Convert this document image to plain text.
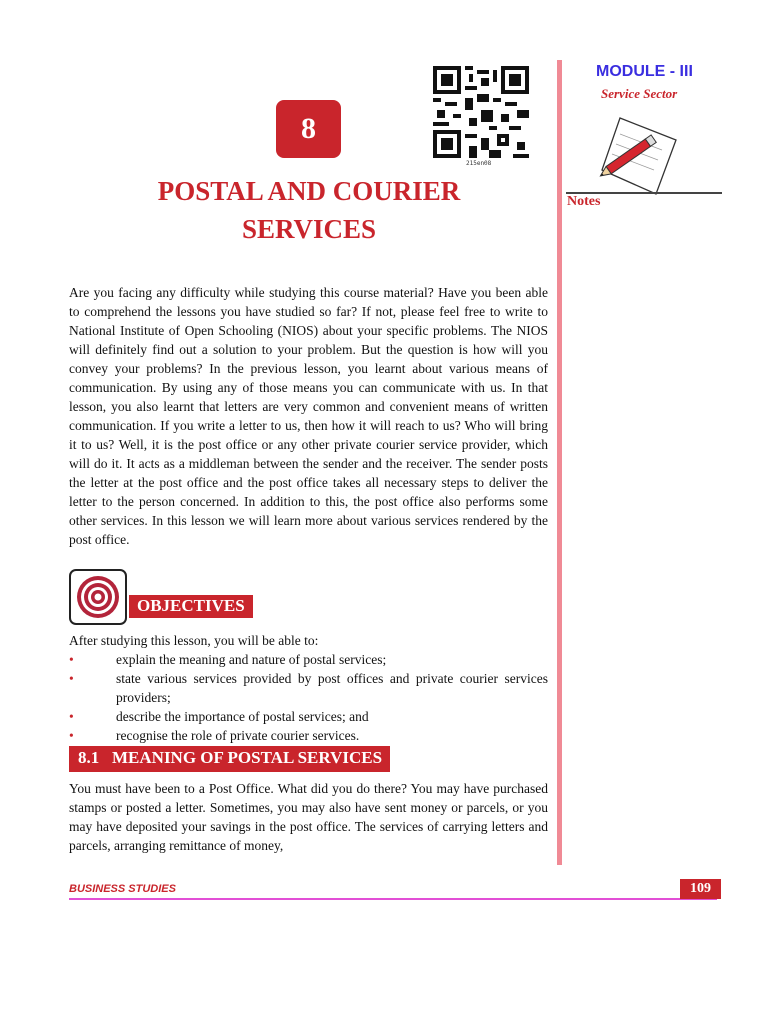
8
215en08
POSTAL AND COURIER
SERVICES
MODULE - III
Service Sector
Notes

Are you facing any difficulty while studying this course material? Have you been able to comprehend the lessons you have studied so far? If not, please feel free to write to National Institute of Open Schooling (NIOS) about your specific problems. The NIOS will definitely find out a solution to your problem. But the question is how will you convey your problems? In the previous lesson, you learnt about various means of communication. By using any of those means you can communicate with us. In that lesson, you also learnt that letters are very common and convenient means of written communication. If you write a letter to us, then how it will reach to us? Who will bring it to us? Well, it is the post office or any other private courier service provider, which will do it. It acts as a middleman between the sender and the receiver. The sender posts the letter at the post office and the post office takes all necessary steps to deliver the letter to the person concerned. In addition to this, the post office also performs some other services. In this lesson we will learn more about various services rendered by the post office.

OBJECTIVES

After studying this lesson, you will be able to:

•	explain the meaning and nature of postal services;
•	state various services provided by post offices and private courier services providers;
•	describe the importance of postal services; and
•	recognise the role of private courier services.
8.1   MEANING OF POSTAL SERVICES

You must have been to a Post Office. What did you do there? You may have purchased stamps or posted a letter. Sometimes, you may also have sent money or parcels, or you may have deposited your savings in the post office. The services of carrying letters and parcels, arranging remittance of money,

BUSINESS STUDIES	109
